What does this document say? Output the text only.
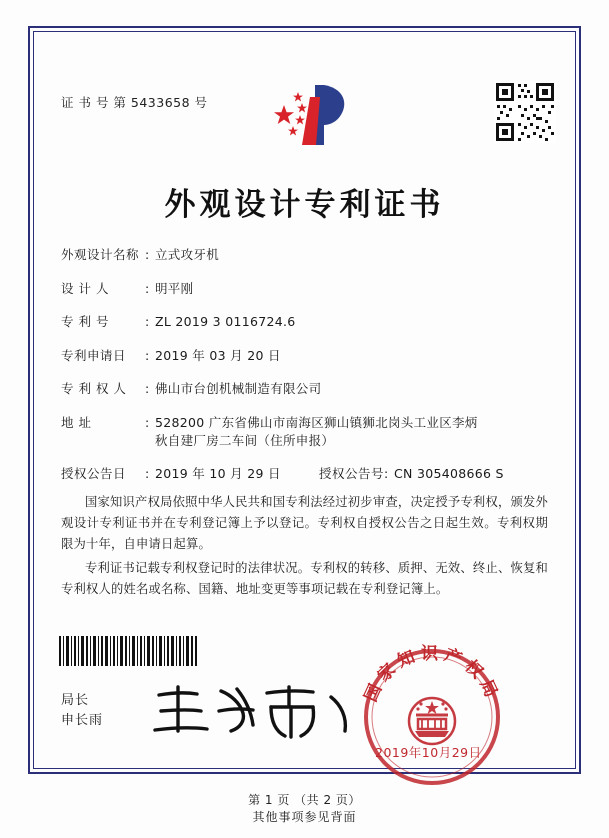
证 书 号 第 5433658 号
外观设计专利证书
外观设计名称 : 立式攻牙机
设 计 人	: 明平刚
专 利 号	: ZL 2019 3 0116724.6
专利申请日	: 2019 年 03 月 20 日
专 利 权 人	: 佛山市台创机械制造有限公司
地 址	: 528200 广东省佛山市南海区狮山镇狮北岗头工业区李炳
秋自建厂房二车间（住所申报）
授权公告日	: 2019 年 10 月 29 日	授权公告号 : CN 305408666 S

国家知识产权局依照中华人民共和国专利法经过初步审查，决定授予专利权，颁发外观设计专利证书并在专利登记簿上予以登记。专利权自授权公告之日起生效。专利权期限为十年，自申请日起算。

专利证书记载专利权登记时的法律状况。专利权的转移、质押、无效、终止、恢复和专利权人的姓名或名称、国籍、地址变更等事项记载在专利登记簿上。

局长
申长雨
国家知识产权局
2019年10月29日
第 1 页 （共 2 页）
其他事项参见背面
